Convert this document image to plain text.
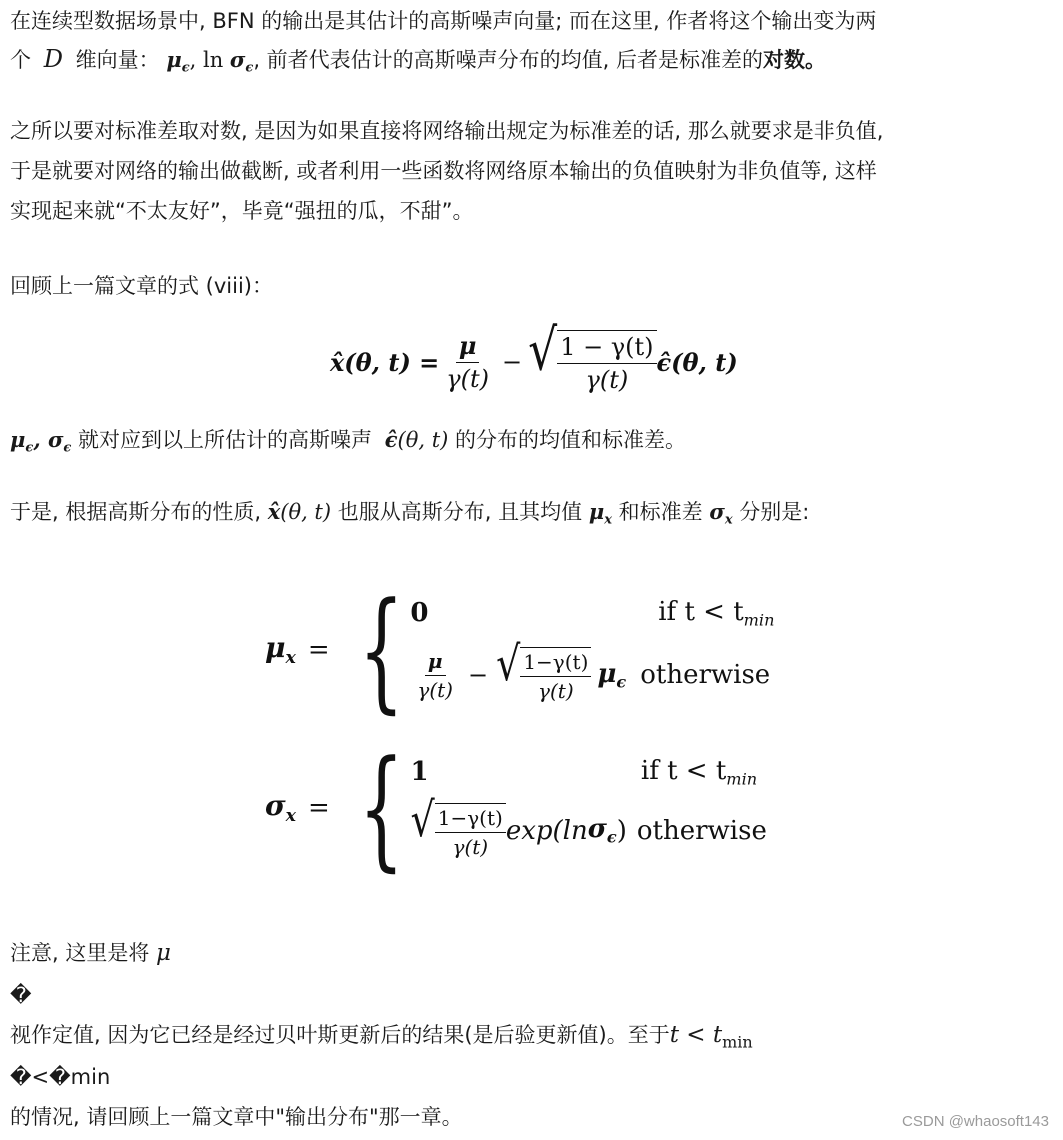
在连续型数据场景中, BFN 的输出是其估计的高斯噪声向量; 而在这里, 作者将这个输出变为两
个 D 维向量： $\mu_\epsilon$, $\ln \sigma_\epsilon$, 前者代表估计的高斯噪声分布的均值, 后者是标准差的对数。
之所以要对标准差取对数, 是因为如果直接将网络输出规定为标准差的话, 那么就要求是非负值,
于是就要对网络的输出做截断, 或者利用一些函数将网络原本输出的负值映射为非负值等, 这样
实现起来就“不太友好”，毕竟“强扭的瓜，不甜”。
回顾上一篇文章的式 (viii)：
x̂(θ, $t) = \frac{\mu}{\gamma(t)}$ − √ $\frac{1 - \gamma(t)}{\gamma(t)}$ ϵ̂(θ, t)
$\mu_\epsilon$, $\sigma_\epsilon$ 就对应到以上所估计的高斯噪声 ϵ̂(θ, t) 的分布的均值和标准差。
于是, 根据高斯分布的性质, x̂(θ, t) 也服从高斯分布, 且其均值 $\mu_x$ 和标准差 $\sigma_x$ 分别是:
$\mu_x$ = { 0	if $t < t_{min}$
$\frac{\mu}{\gamma(t)}$ − √ $\frac{1-\gamma(t)}{\gamma(t)} \mu_\epsilon$ otherwise
$\sigma_x$ = { 1	if $t < t_{min}$
√ $\frac{1-\gamma(t)}{\gamma(t)} \exp(\ln$ $\sigma_\epsilon$ ) otherwise
注意, 这里是将 μ
�
视作定值, 因为它已经是经过贝叶斯更新后的结果(是后验更新值)。至于$t < t_{min}$
�<�min
的情况, 请回顾上一篇文章中"输出分布"那一章。	CSDN @whaosoft143
